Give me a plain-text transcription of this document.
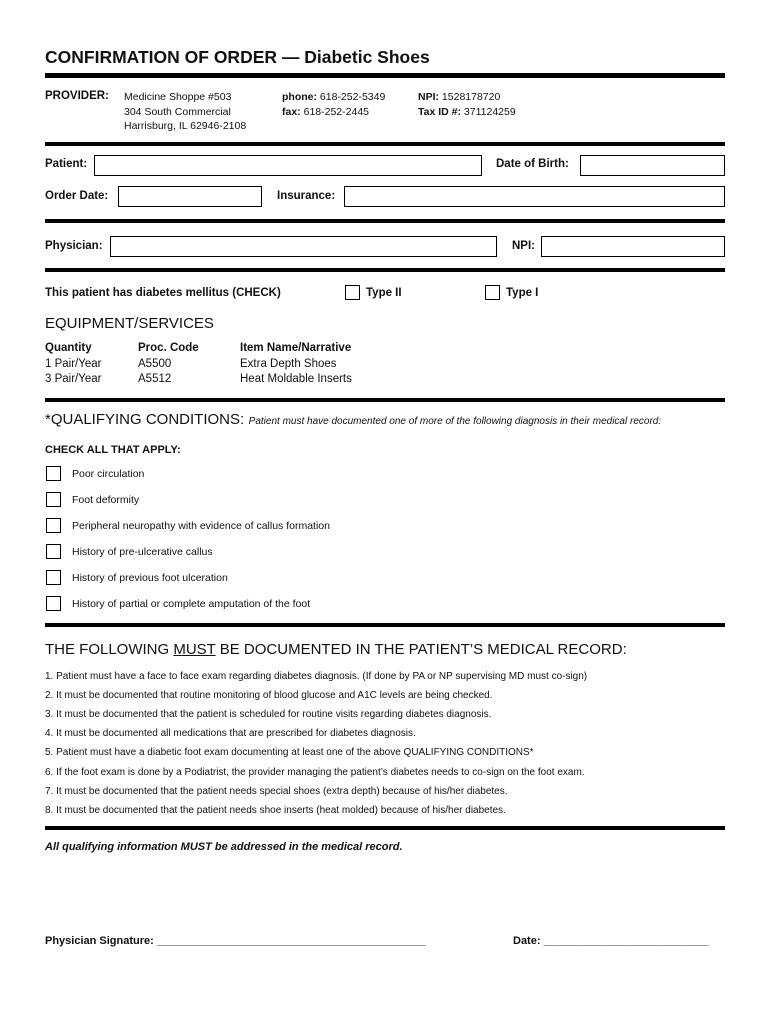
CONFIRMATION OF ORDER — Diabetic Shoes
PROVIDER: Medicine Shoppe #503
304 South Commercial
Harrisburg, IL 62946-2108
phone: 618-252-5349
fax: 618-252-2445
NPI: 1528178720
Tax ID #: 371124259
Patient:	Date of Birth:
Order Date:	Insurance:
Physician:	NPI:
This patient has diabetes mellitus (CHECK)	Type II	Type I
EQUIPMENT/SERVICES
Quantity	Proc. Code	Item Name/Narrative
1 Pair/Year	A5500	Extra Depth Shoes
3 Pair/Year	A5512	Heat Moldable Inserts
*QUALIFYING CONDITIONS: Patient must have documented one of more of the following diagnosis in their medical record:
CHECK ALL THAT APPLY:
Poor circulation
Foot deformity
Peripheral neuropathy with evidence of callus formation
History of pre-ulcerative callus
History of previous foot ulceration
History of partial or complete amputation of the foot
THE FOLLOWING MUST BE DOCUMENTED IN THE PATIENT’S MEDICAL RECORD:
1. Patient must have a face to face exam regarding diabetes diagnosis. (If done by PA or NP supervising MD must co-sign)
2. It must be documented that routine monitoring of blood glucose and A1C levels are being checked.
3. It must be documented that the patient is scheduled for routine visits regarding diabetes diagnosis.
4. It must be documented all medications that are prescribed for diabetes diagnosis.
5. Patient must have a diabetic foot exam documenting at least one of the above QUALIFYING CONDITIONS*
6. If the foot exam is done by a Podiatrist, the provider managing the patient’s diabetes needs to co-sign on the foot exam.
7. It must be documented that the patient needs special shoes (extra depth) because of his/her diabetes.
8. It must be documented that the patient needs shoe inserts (heat molded) because of his/her diabetes.
All qualifying information MUST be addressed in the medical record.
Physician Signature: ____________________________________________	Date: ___________________________
